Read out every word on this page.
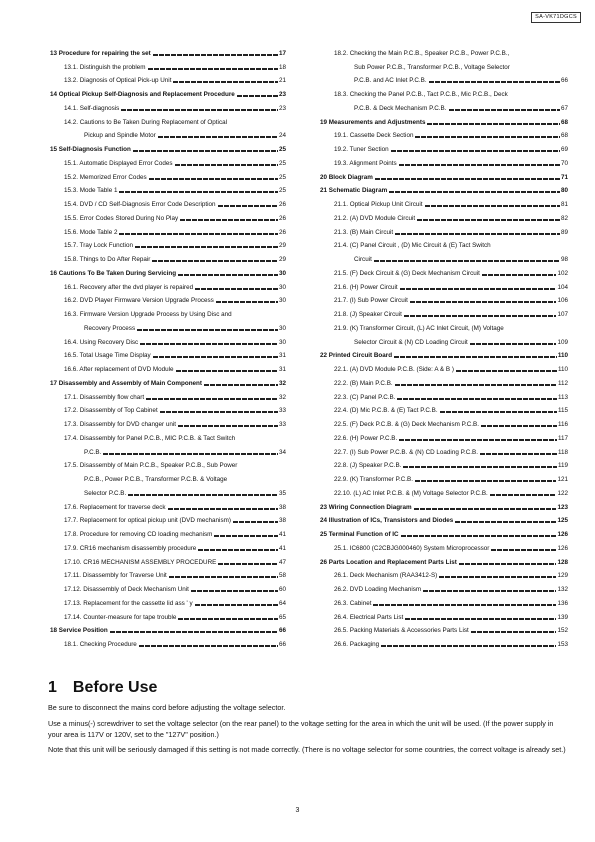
SA-VK71DGCS
13 Procedure for repairing the set	17
13.1. Distinguish the problem	18
13.2. Diagnosis of Optical Pick-up Unit	21
14 Optical Pickup Self-Diagnosis and Replacement Procedure	23
14.1. Self-diagnosis	23
14.2. Cautions to Be Taken During Replacement of Optical
Pickup and Spindle Motor	24
15 Self-Diagnosis Function	25
15.1. Automatic Displayed Error Codes	25
15.2. Memorized Error Codes	25
15.3. Mode Table 1	25
15.4. DVD / CD Self-Diagnosis Error Code Description	26
15.5. Error Codes Stored During No Play	26
15.6. Mode Table 2	26
15.7. Tray Lock Function	29
15.8. Things to Do After Repair	29
16 Cautions To Be Taken During Servicing	30
16.1. Recovery after the dvd player is repaired	30
16.2. DVD Player Firmware Version Upgrade Process	30
16.3. Firmware Version Upgrade Process by Using Disc and
Recovery Process	30
16.4. Using Recovery Disc	30
16.5. Total Usage Time Display	31
16.6. After replacement of DVD Module	31
17 Disassembly and Assembly of Main Component	32
17.1. Disassembly flow chart	32
17.2. Disassembly of Top Cabinet	33
17.3. Disassembly for DVD changer unit	33
17.4. Disassembly for Panel P.C.B., MIC P.C.B. & Tact Switch
P.C.B.	34
17.5. Disassembly of Main P.C.B., Speaker P.C.B., Sub Power
P.C.B., Power P.C.B., Transformer P.C.B. & Voltage
Selector P.C.B.	35
17.6. Replacement for traverse deck	38
17.7. Replacement for optical pickup unit (DVD mechanism)	38
17.8. Procedure for removing CD loading mechanism	41
17.9. CR16 mechanism disassembly procedure	41
17.10. CR16 MECHANISM ASSEMBLY PROCEDURE	47
17.11. Disassembly for Traverse Unit	58
17.12. Disassembly of Deck Mechanism Unit	60
17.13. Replacement for the cassette lid ass ' y	64
17.14. Counter-measure for tape trouble	65
18 Service Position	66
18.1. Checking Procedure	66
18.2. Checking the Main P.C.B., Speaker P.C.B., Power P.C.B.,
Sub Power P.C.B., Transformer P.C.B., Voltage Selector
P.C.B. and AC Inlet P.C.B.	66
18.3. Checking the Panel P.C.B., Tact P.C.B., Mic P.C.B., Deck
P.C.B. & Deck Mechanism P.C.B.	67
19 Measurements and Adjustments	68
19.1. Cassette Deck Section	68
19.2. Tuner Section	69
19.3. Alignment Points	70
20 Block Diagram	71
21 Schematic Diagram	80
21.1. Optical Pickup Unit Circuit	81
21.2. (A) DVD Module Circuit	82
21.3. (B) Main Circuit	89
21.4. (C) Panel Circuit , (D) Mic Circuit & (E) Tact Switch
Circuit	98
21.5. (F) Deck Circuit & (G) Deck Mechanism Circuit	102
21.6. (H) Power Circuit	104
21.7. (I) Sub Power Circuit	106
21.8. (J) Speaker Circuit	107
21.9. (K) Transformer Circuit, (L) AC Inlet Circuit, (M) Voltage
Selector Circuit & (N) CD Loading Circuit	109
22 Printed Circuit Board	110
22.1. (A) DVD Module P.C.B. (Side: A & B )	110
22.2. (B) Main P.C.B.	112
22.3. (C) Panel P.C.B.	113
22.4. (D) Mic P.C.B. & (E) Tact P.C.B.	115
22.5. (F) Deck P.C.B. & (G) Deck Mechanism P.C.B.	116
22.6. (H) Power P.C.B.	117
22.7. (I) Sub Power P.C.B. & (N) CD Loading P.C.B.	118
22.8. (J) Speaker P.C.B.	119
22.9. (K) Transformer P.C.B.	121
22.10. (L) AC Inlet P.C.B. & (M) Voltage Selector P.C.B.	122
23 Wiring Connection Diagram	123
24 Illustration of ICs, Transistors and Diodes	125
25 Terminal Function of IC	126
25.1. IC6800 (C2CBJG000460) System Microprocessor	126
26 Parts Location and Replacement Parts List	128
26.1. Deck Mechanism (RAA3412-S)	129
26.2. DVD Loading Mechanism	132
26.3. Cabinet	136
26.4. Electrical Parts List	139
26.5. Packing Materials & Accessories Parts List	152
26.6. Packaging	153
1 Before Use

Be sure to disconnect the mains cord before adjusting the voltage selector.

Use a minus(-) screwdriver to set the voltage selector (on the rear panel) to the voltage setting for the area in which the unit will be used. (If the power supply in your area is 117V or 120V, set to the "127V" position.)

Note that this unit will be seriously damaged if this setting is not made correctly. (There is no voltage selector for some countries, the correct voltage is already set.)

3
